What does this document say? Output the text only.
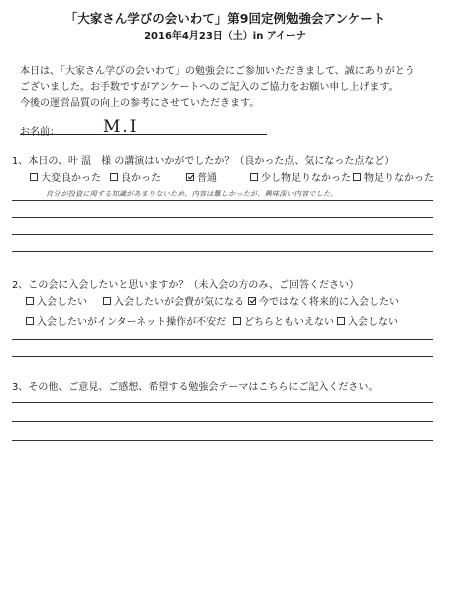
「大家さん学びの会いわて」第9回定例勉強会アンケート
2016年4月23日（土）in アイーナ
本日は、「大家さん学びの会いわて」の勉強会にご参加いただきまして、誠にありがとう
ございました。お手数ですがアンケートへのご記入のご協力をお願い申し上げます。
今後の運営品質の向上の参考にさせていただきます。
お名前：	M.I
1、本日の、叶 温　様 の講演はいかがでしたか？（良かった点、気になった点など）
大変良かった 良かった	普通	少し物足りなかった 物足りなかった
自分が投資に関する知識があまりないため、内容は難しかったが、興味深い内容でした。
2、この会に入会したいと思いますか？（未入会の方のみ、ご回答ください）
入会したい	入会したいが会費が気になる 今ではなく将来的に入会したい
入会したいがインターネット操作が不安だ どちらともいえない 入会しない
3、その他、ご意見、ご感想、希望する勉強会テーマはこちらにご記入ください。
